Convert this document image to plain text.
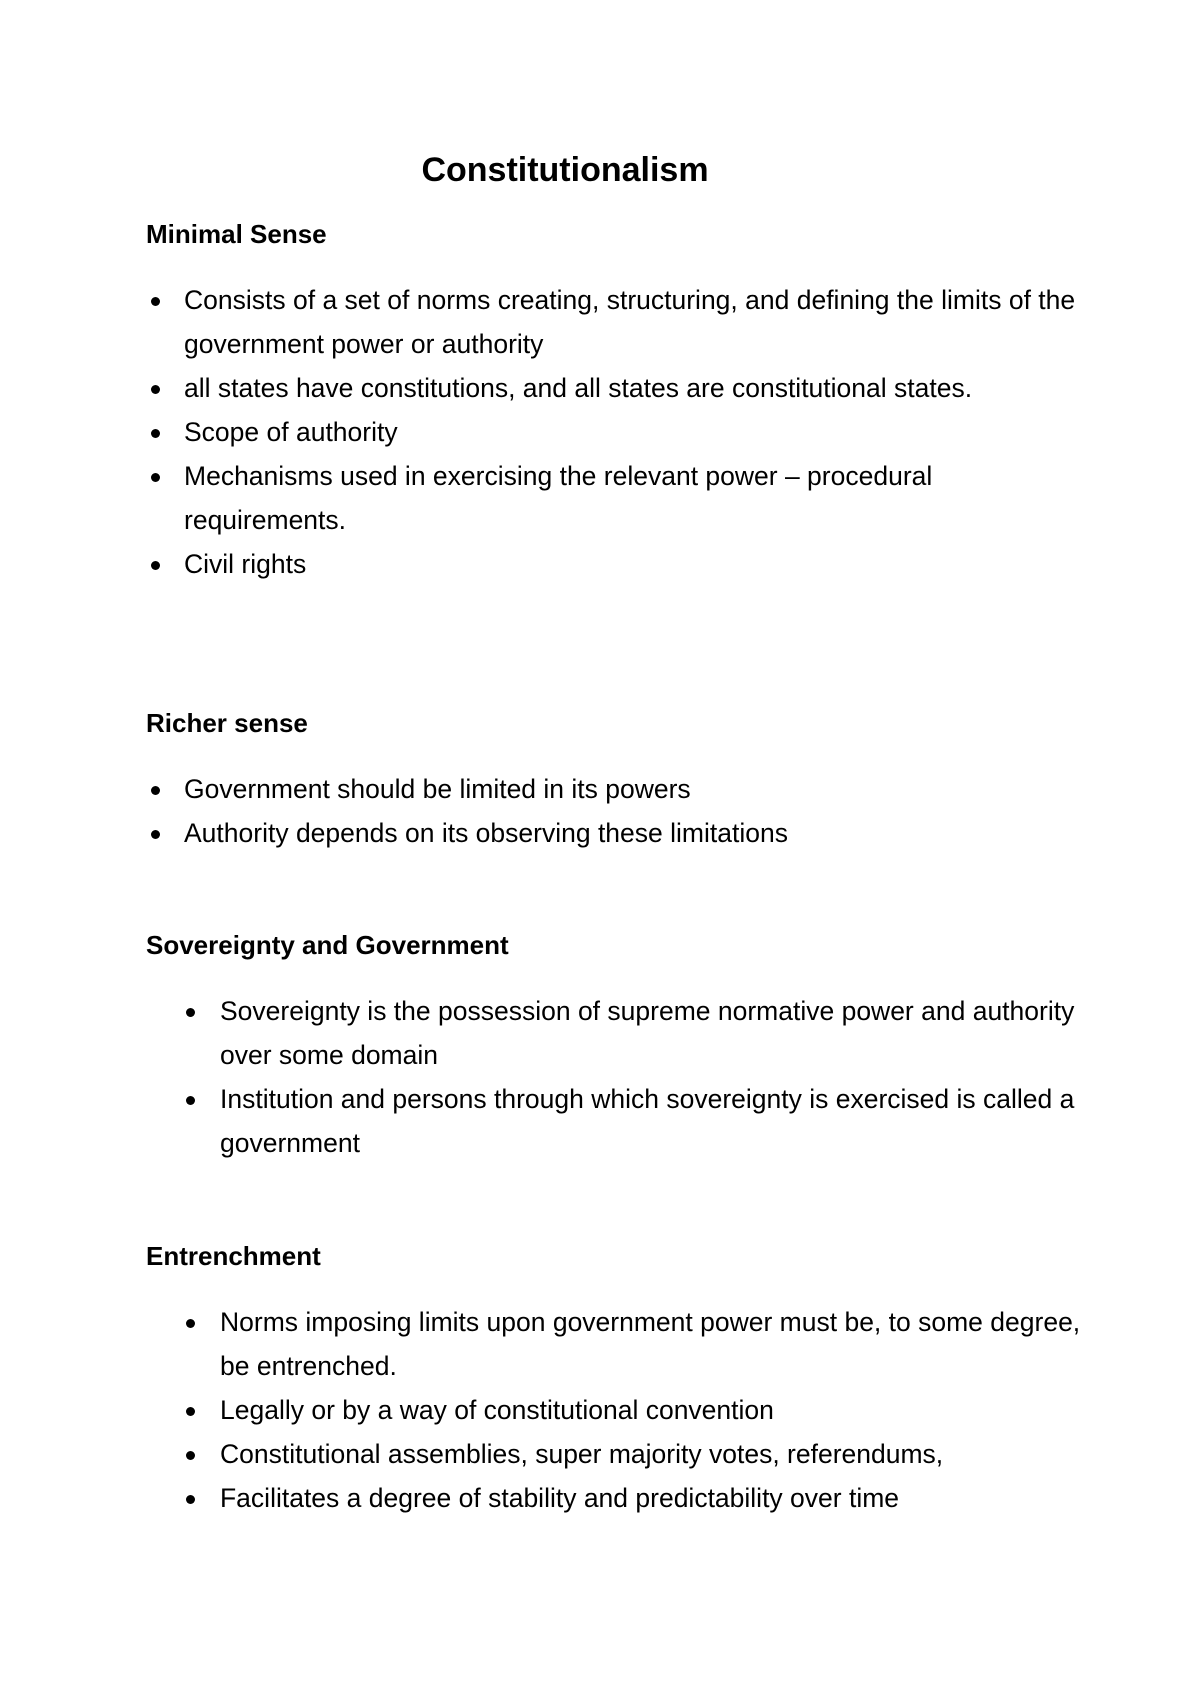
Constitutionalism
Minimal Sense
Consists of a set of norms creating, structuring, and defining the limits of the government power or authority
all states have constitutions, and all states are constitutional states.
Scope of authority
Mechanisms used in exercising the relevant power – procedural requirements.
Civil rights
Richer sense
Government should be limited in its powers
Authority depends on its observing these limitations
Sovereignty and Government
Sovereignty is the possession of supreme normative power and authority over some domain
Institution and persons through which sovereignty is exercised is called a government
Entrenchment
Norms imposing limits upon government power must be, to some degree, be entrenched.
Legally or by a way of constitutional convention
Constitutional assemblies, super majority votes, referendums,
Facilitates a degree of stability and predictability over time
